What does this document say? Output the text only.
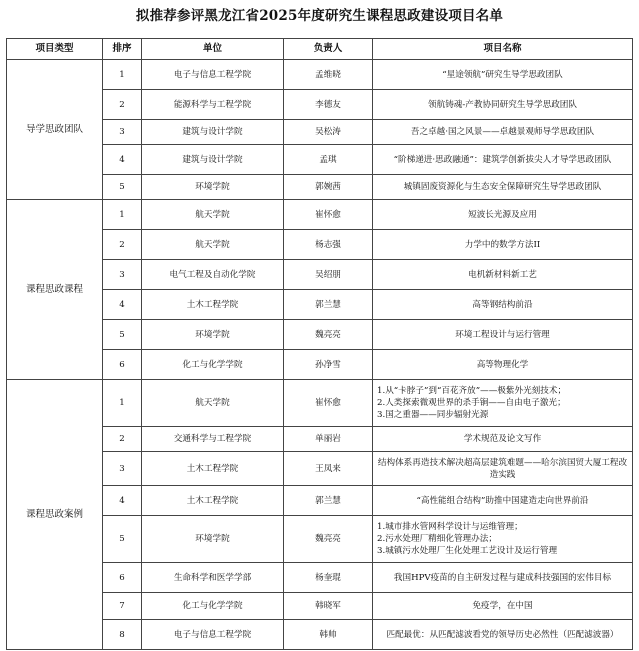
拟推荐参评黑龙江省2025年度研究生课程思政建设项目名单
项目类型	排序	单位	负责人	项目名称
导学思政团队	1	电子与信息工程学院	孟维晓	“星途领航”研究生导学思政团队
	2	能源科学与工程学院	李德友	领航铸魂-产教协同研究生导学思政团队
	3	建筑与设计学院	吴松涛	吾之卓越·国之风景——卓越景观师导学思政团队
	4	建筑与设计学院	孟琪	“阶梯递进·思政融通”：建筑学创新拔尖人才导学思政团队
	5	环境学院	郭婉茜	城镇固废资源化与生态安全保障研究生导学思政团队
课程思政课程	1	航天学院	崔怀愈	短波长光源及应用
	2	航天学院	杨志强	力学中的数学方法II
	3	电气工程及自动化学院	吴绍朋	电机新材料新工艺
	4	土木工程学院	郭兰慧	高等钢结构前沿
	5	环境学院	魏亮亮	环境工程设计与运行管理
	6	化工与化学学院	孙净雪	高等物理化学
课程思政案例	1	航天学院	崔怀愈	1.从“卡脖子”到“百花齐放”——极紫外光刻技术；
2.人类探索微观世界的杀手锏——自由电子激光；
3.国之重器——同步辐射光源

	2	交通科学与工程学院	单丽岩	学术规范及论文写作
	3	土木工程学院	王凤来	结构体系再造技术解决超高层建筑难题——哈尔滨国贸大厦工程改造实践
	4	土木工程学院	郭兰慧	“高性能组合结构”助推中国建造走向世界前沿
	5	环境学院	魏亮亮	1.城市排水管网科学设计与运维管理；
2.污水处理厂精细化管理办法；
3.城镇污水处理厂生化处理工艺设计及运行管理

	6	生命科学和医学学部	杨奎琨	我国HPV疫苗的自主研发过程与建成科技强国的宏伟目标
	7	化工与化学学院	韩晓军	免疫学，在中国
	8	电子与信息工程学院	韩帅	匹配最优：从匹配滤波看党的领导历史必然性（匹配滤波器）
